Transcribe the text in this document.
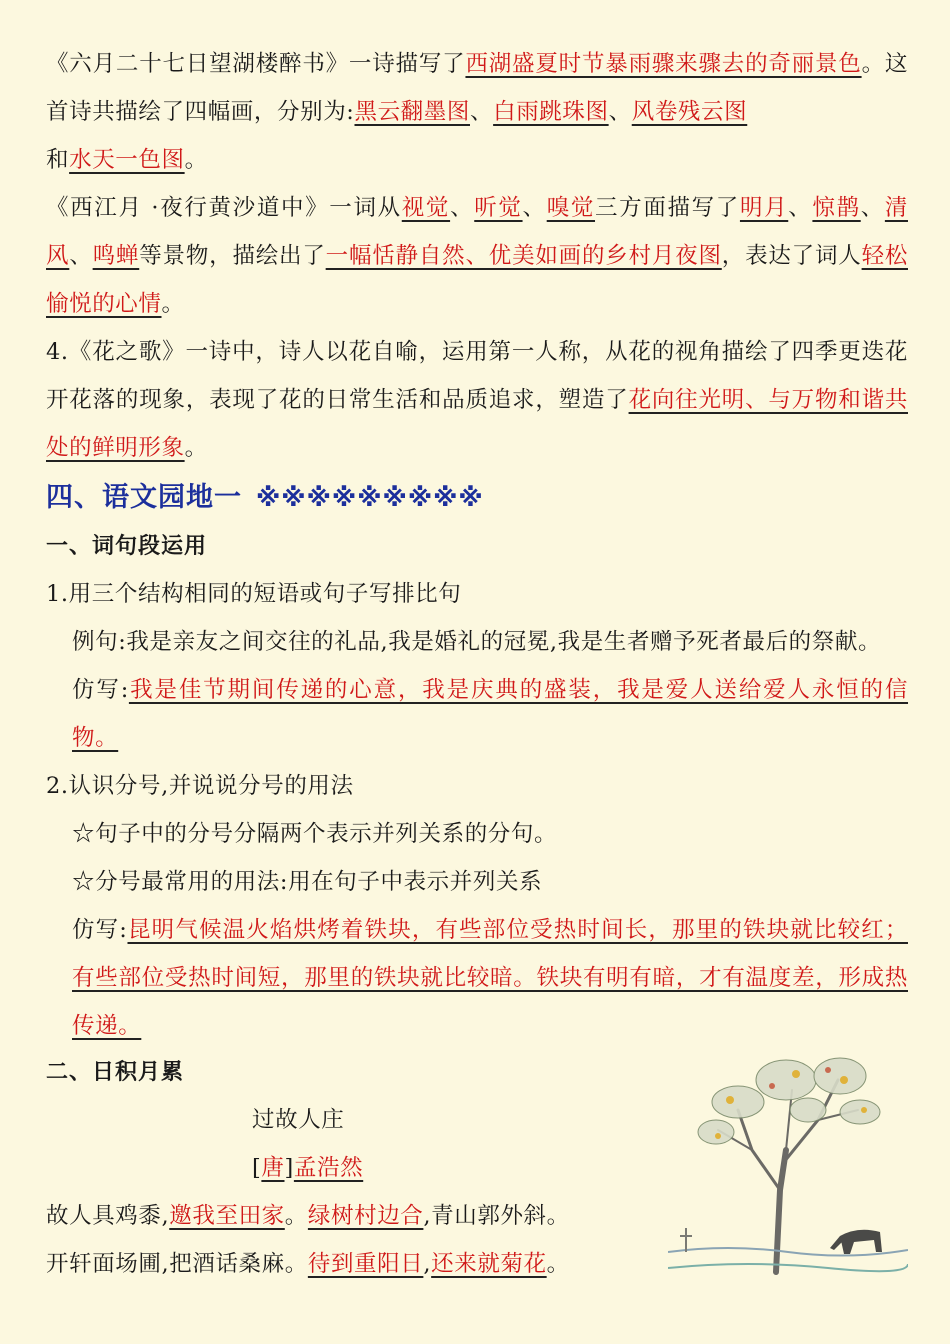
《六月二十七日望湖楼醉书》一诗描写了西湖盛夏时节暴雨骤来骤去的奇丽景色。这首诗共描绘了四幅画，分别为:黑云翻墨图、白雨跳珠图、风卷残云图
和水天一色图。

《西江月 ·夜行黄沙道中》一词从视觉、听觉、嗅觉三方面描写了明月、惊鹊、清风、鸣蝉等景物，描绘出了一幅恬静自然、优美如画的乡村月夜图，表达了词人轻松愉悦的心情。

4.《花之歌》一诗中，诗人以花自喻，运用第一人称，从花的视角描绘了四季更迭花开花落的现象，表现了花的日常生活和品质追求，塑造了花向往光明、与万物和谐共处的鲜明形象。

四、语文园地一 ※※※※※※※※※

一、词句段运用

1.用三个结构相同的短语或句子写排比句

例句:我是亲友之间交往的礼品,我是婚礼的冠冕,我是生者赠予死者最后的祭献。

仿写:我是佳节期间传递的心意，我是庆典的盛装，我是爱人送给爱人永恒的信物。

2.认识分号,并说说分号的用法

☆句子中的分号分隔两个表示并列关系的分句。

☆分号最常用的用法:用在句子中表示并列关系

仿写:昆明气候温火焰烘烤着铁块，有些部位受热时间长，那里的铁块就比较红；有些部位受热时间短，那里的铁块就比较暗。铁块有明有暗，才有温度差，形成热传递。

二、日积月累

过故人庄

[唐]孟浩然

故人具鸡黍,邀我至田家。绿树村边合,青山郭外斜。

开轩面场圃,把酒话桑麻。待到重阳日,还来就菊花。
